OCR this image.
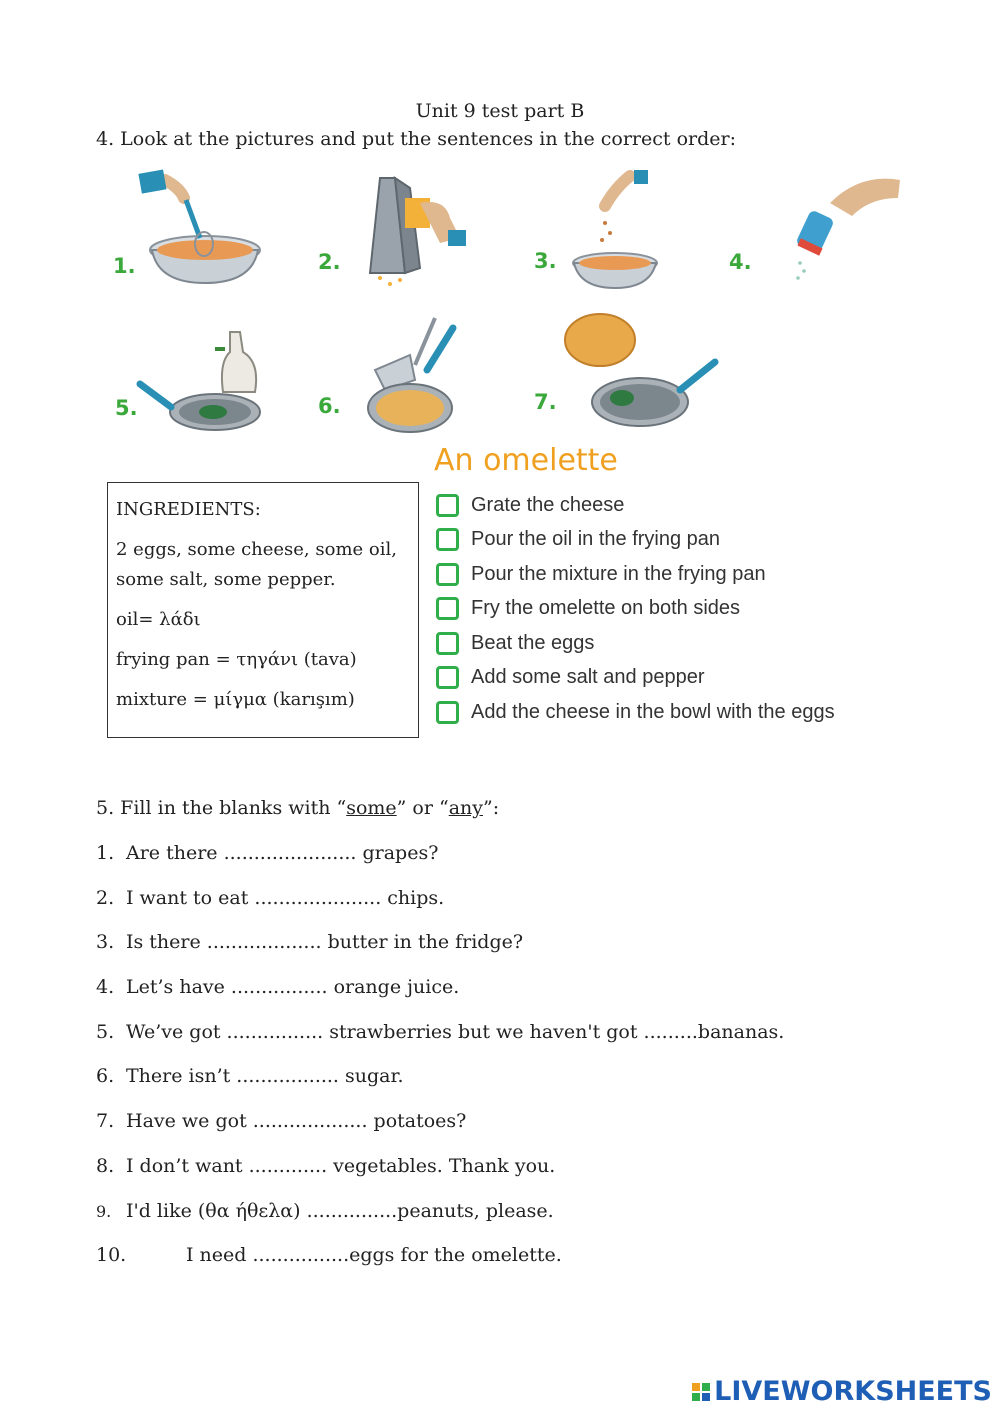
Unit 9 test part B
4. Look at the pictures and put the sentences in the correct order:
1.	2.	3.	4.
5.	6.	7.

INGREDIENTS:

2 eggs, some cheese, some oil, some salt, some pepper.

oil= λάδι

frying pan = τηγάνι (tava)

mixture = μίγμα (karışım)

An omelette
Grate the cheese
Pour the oil in the frying pan
Pour the mixture in the frying pan
Fry the omelette on both sides
Beat the eggs
Add some salt and pepper
Add the cheese in the bowl with the eggs
5. Fill in the blanks with “some” or “any”:
1. Are there ...................... grapes?
2. I want to eat ..................... chips.
3. Is there ................... butter in the fridge?
4. Let’s have ................ orange juice.
5. We’ve got ................ strawberries but we haven't got .........bananas.
6. There isn’t ................. sugar.
7. Have we got ................... potatoes?
8. I don’t want ............. vegetables. Thank you.
9. I'd like (θα ήθελα) ...............peanuts, please.
10.	I need ................eggs for the omelette.
LIVEWORKSHEETS
